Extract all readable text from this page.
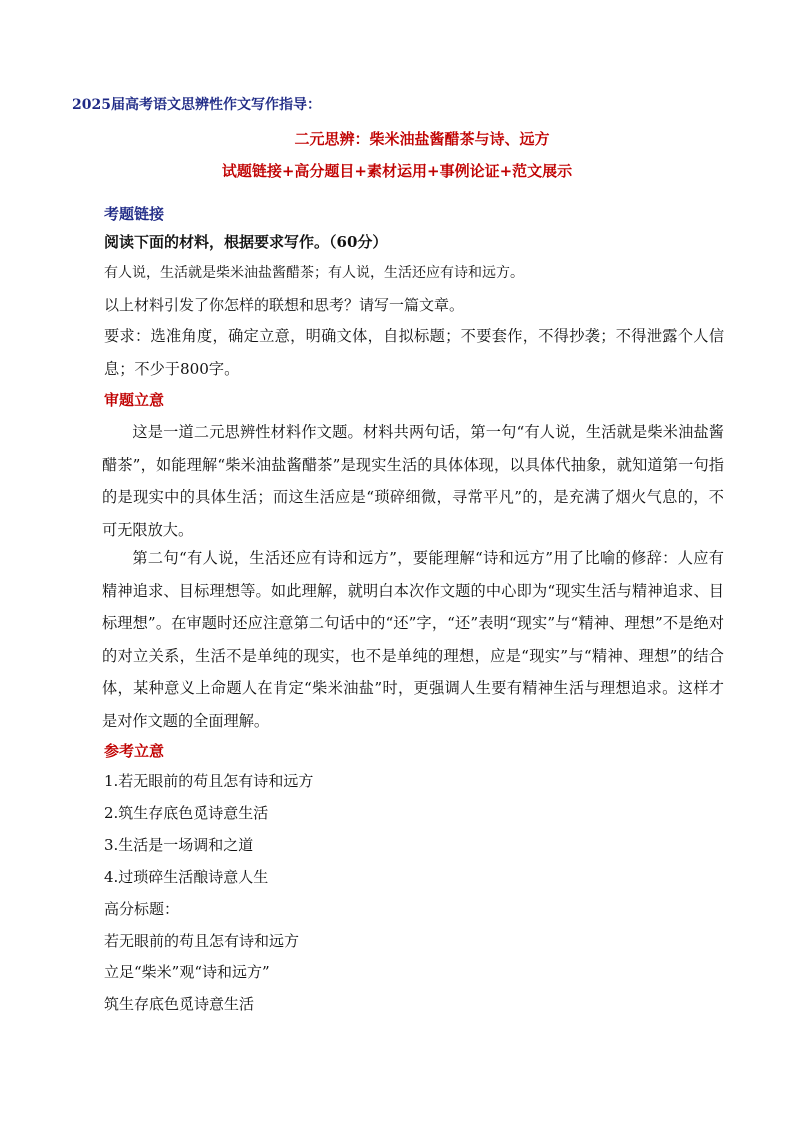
2025届高考语文思辨性作文写作指导：
二元思辨：柴米油盐酱醋茶与诗、远方
试题链接+高分题目+素材运用+事例论证+范文展示
考题链接
阅读下面的材料，根据要求写作。（60分）
有人说，生活就是柴米油盐酱醋茶；有人说，生活还应有诗和远方。
以上材料引发了你怎样的联想和思考？请写一篇文章。
要求：选准角度，确定立意，明确文体，自拟标题；不要套作，不得抄袭；不得泄露个人信息；不少于800字。
审题立意
这是一道二元思辨性材料作文题。材料共两句话，第一句“有人说，生活就是柴米油盐酱醋茶”，如能理解“柴米油盐酱醋茶”是现实生活的具体体现，以具体代抽象，就知道第一句指的是现实中的具体生活；而这生活应是“琐碎细微，寻常平凡”的，是充满了烟火气息的，不可无限放大。
第二句“有人说，生活还应有诗和远方”，要能理解“诗和远方”用了比喻的修辞：人应有精神追求、目标理想等。如此理解，就明白本次作文题的中心即为“现实生活与精神追求、目标理想”。在审题时还应注意第二句话中的“还”字，“还”表明“现实”与“精神、理想”不是绝对的对立关系，生活不是单纯的现实，也不是单纯的理想，应是“现实”与“精神、理想”的结合体，某种意义上命题人在肯定“柴米油盐”时，更强调人生要有精神生活与理想追求。这样才是对作文题的全面理解。
参考立意
1.若无眼前的苟且怎有诗和远方
2.筑生存底色觅诗意生活
3.生活是一场调和之道
4.过琐碎生活酿诗意人生
高分标题：
若无眼前的苟且怎有诗和远方
立足“柴米”观“诗和远方”
筑生存底色觅诗意生活
